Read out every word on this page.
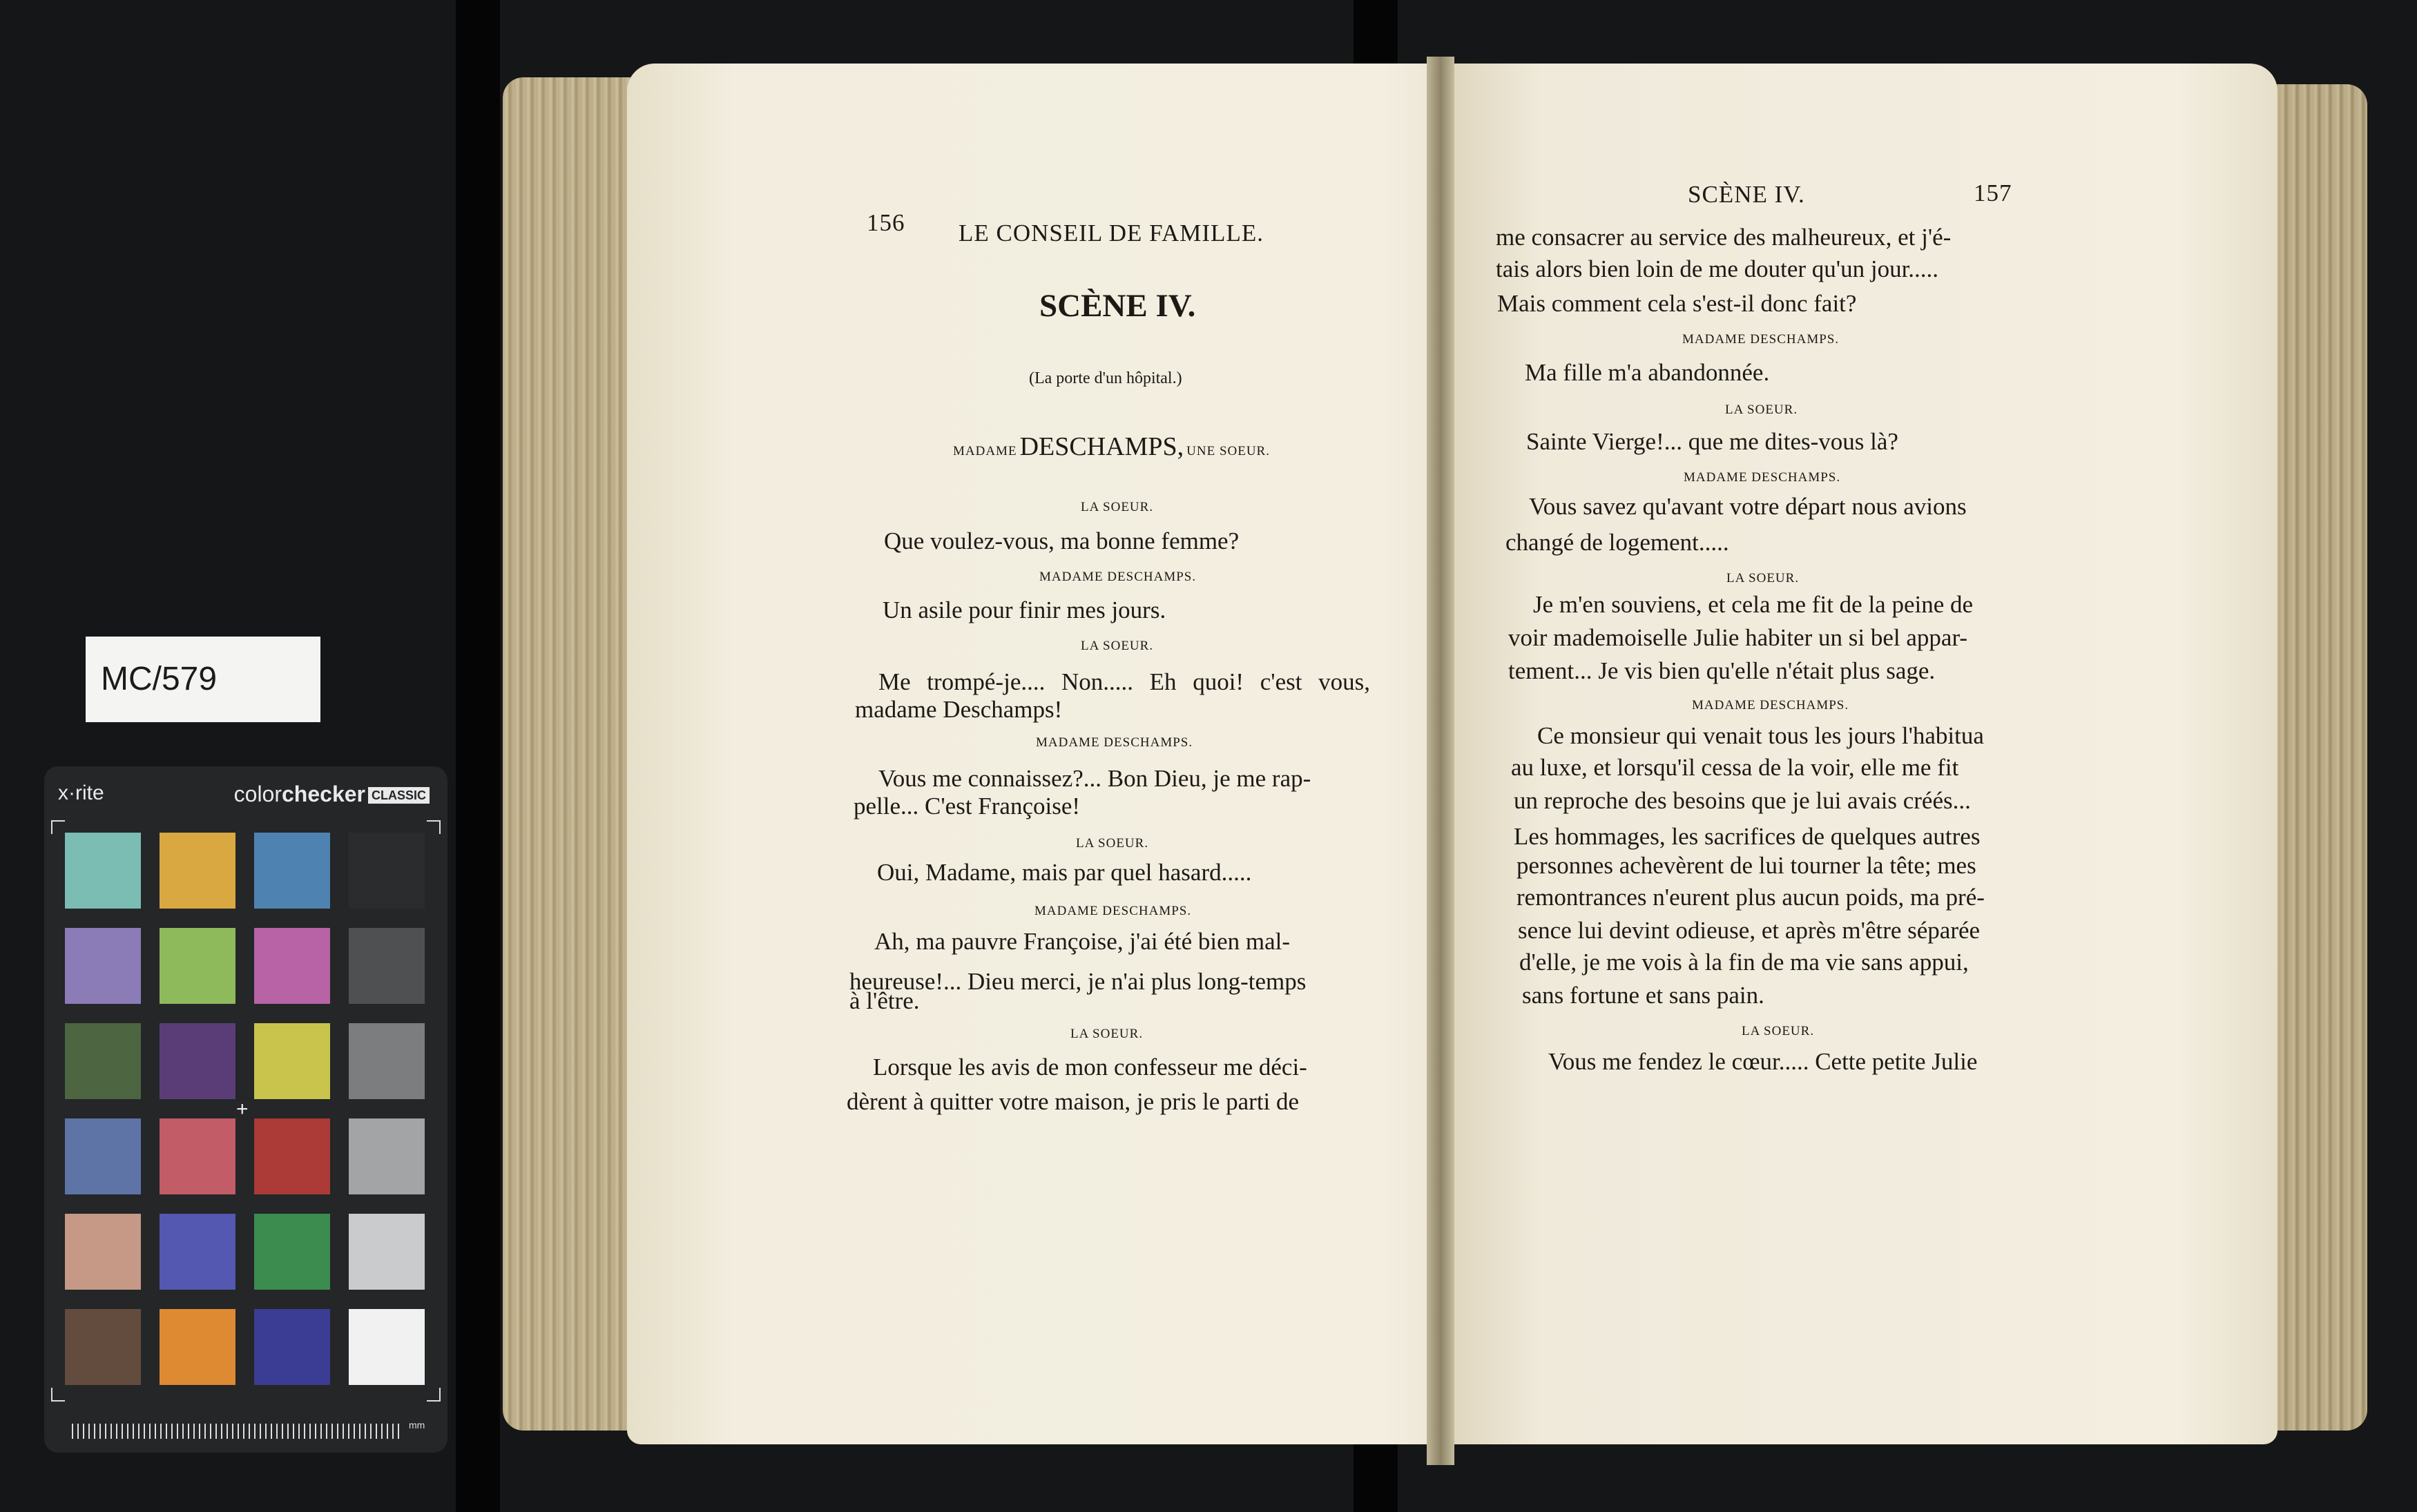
MC/579
x·rite	colorchecker CLASSIC
+
mm
156 LE CONSEIL DE FAMILLE.
SCÈNE IV.
(La porte d'un hôpital.)
MADAME DESCHAMPS, UNE SOEUR.
LA SOEUR.
Que voulez-vous, ma bonne femme?
MADAME DESCHAMPS.
Un asile pour finir mes jours.
LA SOEUR.
Me trompé-je.... Non..... Eh quoi! c'est vous,
madame Deschamps!
MADAME DESCHAMPS.
Vous me connaissez?... Bon Dieu, je me rap-
pelle... C'est Françoise!
LA SOEUR.
Oui, Madame, mais par quel hasard.....
MADAME DESCHAMPS.
Ah, ma pauvre Françoise, j'ai été bien mal-
heureuse!... Dieu merci, je n'ai plus long-temps
à l'être.
LA SOEUR.
Lorsque les avis de mon confesseur me déci-
dèrent à quitter votre maison, je pris le parti de
SCÈNE IV.	157
me consacrer au service des malheureux, et j'é-
tais alors bien loin de me douter qu'un jour.....
Mais comment cela s'est-il donc fait?
MADAME DESCHAMPS.
Ma fille m'a abandonnée.
LA SOEUR.
Sainte Vierge!... que me dites-vous là?
MADAME DESCHAMPS.
Vous savez qu'avant votre départ nous avions
changé de logement.....
LA SOEUR.
Je m'en souviens, et cela me fit de la peine de
voir mademoiselle Julie habiter un si bel appar-
tement... Je vis bien qu'elle n'était plus sage.
MADAME DESCHAMPS.
Ce monsieur qui venait tous les jours l'habitua
au luxe, et lorsqu'il cessa de la voir, elle me fit
un reproche des besoins que je lui avais créés...
Les hommages, les sacrifices de quelques autres
personnes achevèrent de lui tourner la tête; mes
remontrances n'eurent plus aucun poids, ma pré-
sence lui devint odieuse, et après m'être séparée
d'elle, je me vois à la fin de ma vie sans appui,
sans fortune et sans pain.
LA SOEUR.
Vous me fendez le cœur..... Cette petite Julie
